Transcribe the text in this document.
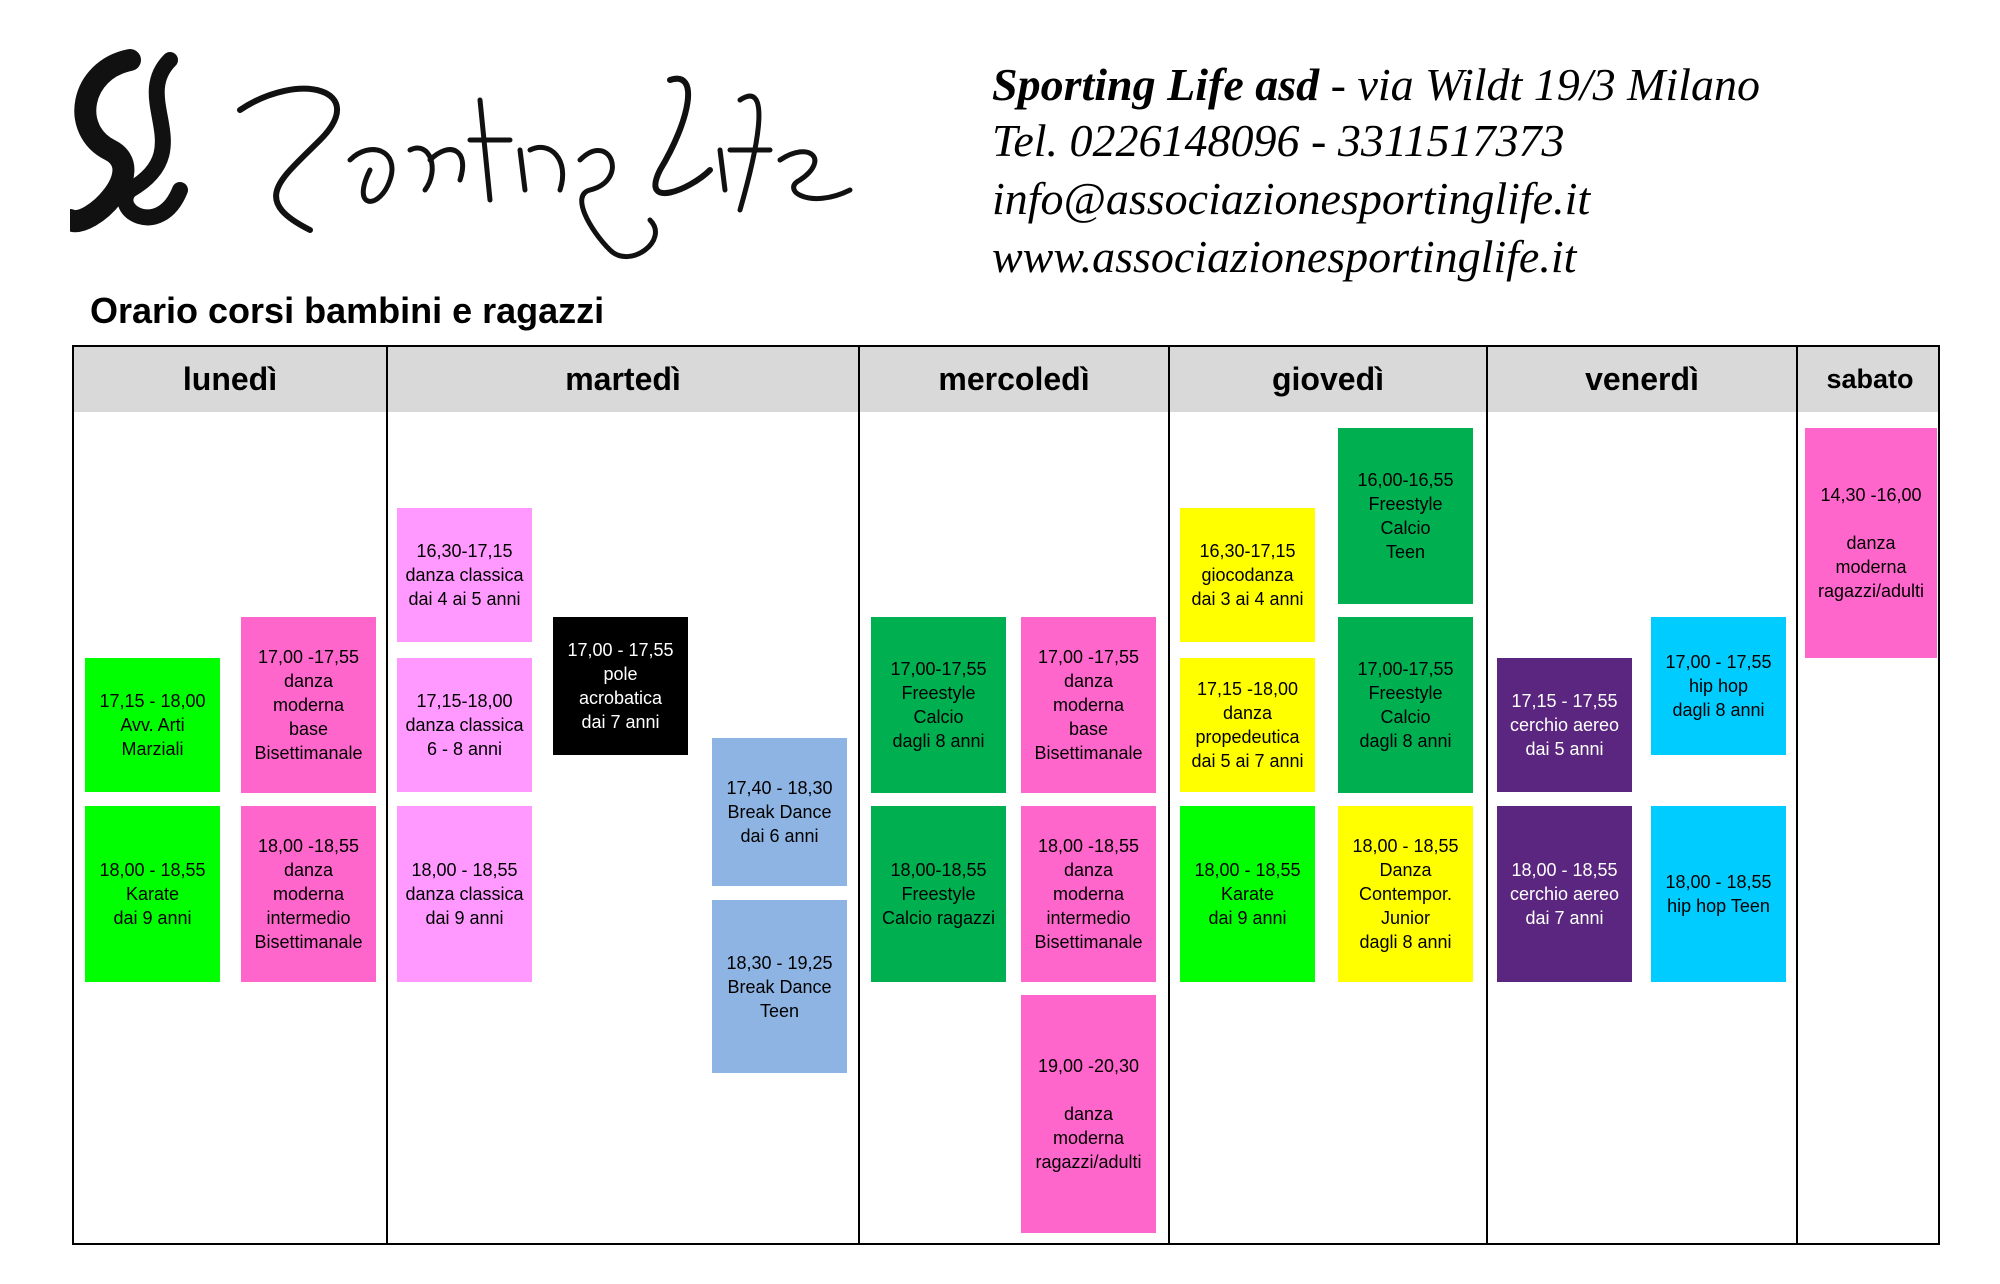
Sporting Life asd - via Wildt 19/3 Milano
Tel. 0226148096 - 3311517373
info@associazionesportinglife.it
www.associazionesportinglife.it
Orario corsi bambini e ragazzi
lunedì
17,15 - 18,00
Avv. Arti
Marziali
18,00 - 18,55
Karate
dai 9 anni
17,00 -17,55
danza
moderna
base
Bisettimanale
18,00 -18,55
danza
moderna
intermedio
Bisettimanale
martedì
16,30-17,15
danza classica
dai 4 ai 5 anni
17,15-18,00
danza classica
6 - 8 anni
18,00 - 18,55
danza classica
dai 9 anni
17,00 - 17,55
pole
acrobatica
dai 7 anni
17,40 - 18,30
Break Dance
dai 6 anni
18,30 - 19,25
Break Dance
Teen
mercoledì
17,00-17,55
Freestyle
Calcio
dagli 8 anni
18,00-18,55
Freestyle
Calcio ragazzi
17,00 -17,55
danza
moderna
base
Bisettimanale
18,00 -18,55
danza
moderna
intermedio
Bisettimanale
19,00 -20,30
danza
moderna
ragazzi/adulti
giovedì
16,30-17,15
giocodanza
dai 3 ai 4 anni
17,15 -18,00
danza
propedeutica
dai 5 ai 7 anni
18,00 - 18,55
Karate
dai 9 anni
16,00-16,55
Freestyle
Calcio
Teen
17,00-17,55
Freestyle
Calcio
dagli 8 anni
18,00 - 18,55
Danza
Contempor.
Junior
dagli 8 anni
venerdì
17,15 - 17,55
cerchio aereo
dai 5 anni
18,00 - 18,55
cerchio aereo
dai 7 anni
17,00 - 17,55
hip hop
dagli 8 anni
18,00 - 18,55
hip hop Teen
sabato
14,30 -16,00
danza
moderna
ragazzi/adulti
